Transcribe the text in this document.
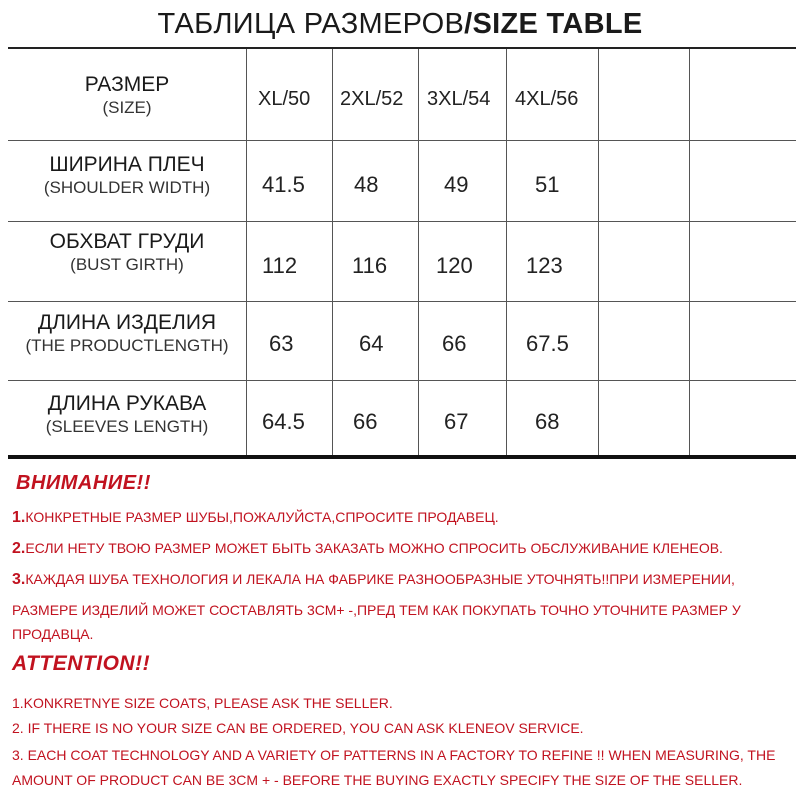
ТАБЛИЦА РАЗМЕРОВ/SIZE TABLE
РАЗМЕР
(SIZE)	XL/50 2XL/52 3XL/54 4XL/56
ШИРИНА ПЛЕЧ
(SHOULDER WIDTH)	41.5 48	49	51
ОБХВАТ ГРУДИ
(BUST GIRTH)	112 116 120 123
ДЛИНА ИЗДЕЛИЯ
(THE PRODUCTLENGTH)	63	64	66	67.5
ДЛИНА РУКАВА
(SLEEVES LENGTH)	64.5 66	67	68
ВНИМАНИЕ!!
1.КОНКРЕТНЫЕ РАЗМЕР ШУБЫ,ПОЖАЛУЙСТА,СПРОСИТЕ ПРОДАВЕЦ.
2.ЕСЛИ НЕТУ ТВОЮ РАЗМЕР МОЖЕТ БЫТЬ ЗАКАЗАТЬ МОЖНО СПРОСИТЬ ОБСЛУЖИВАНИЕ КЛЕНЕОВ.
3.КАЖДАЯ ШУБА ТЕХНОЛОГИЯ И ЛЕКАЛА НА ФАБРИКЕ РАЗНООБРАЗНЫЕ УТОЧНЯТЬ!!ПРИ ИЗМЕРЕНИИ,
РАЗМЕРЕ ИЗДЕЛИЙ МОЖЕТ СОСТАВЛЯТЬ 3СМ+ -,ПРЕД ТЕМ КАК ПОКУПАТЬ ТОЧНО УТОЧНИТЕ РАЗМЕР У
ПРОДАВЦА.
ATTENTION!!
1.KONKRETNYE SIZE COATS, PLEASE ASK THE SELLER.
2. IF THERE IS NO YOUR SIZE CAN BE ORDERED, YOU CAN ASK KLENEOV SERVICE.
3. EACH COAT TECHNOLOGY AND A VARIETY OF PATTERNS IN A FACTORY TO REFINE !! WHEN MEASURING, THE
AMOUNT OF PRODUCT CAN BE 3CM + - BEFORE THE BUYING EXACTLY SPECIFY THE SIZE OF THE SELLER.
